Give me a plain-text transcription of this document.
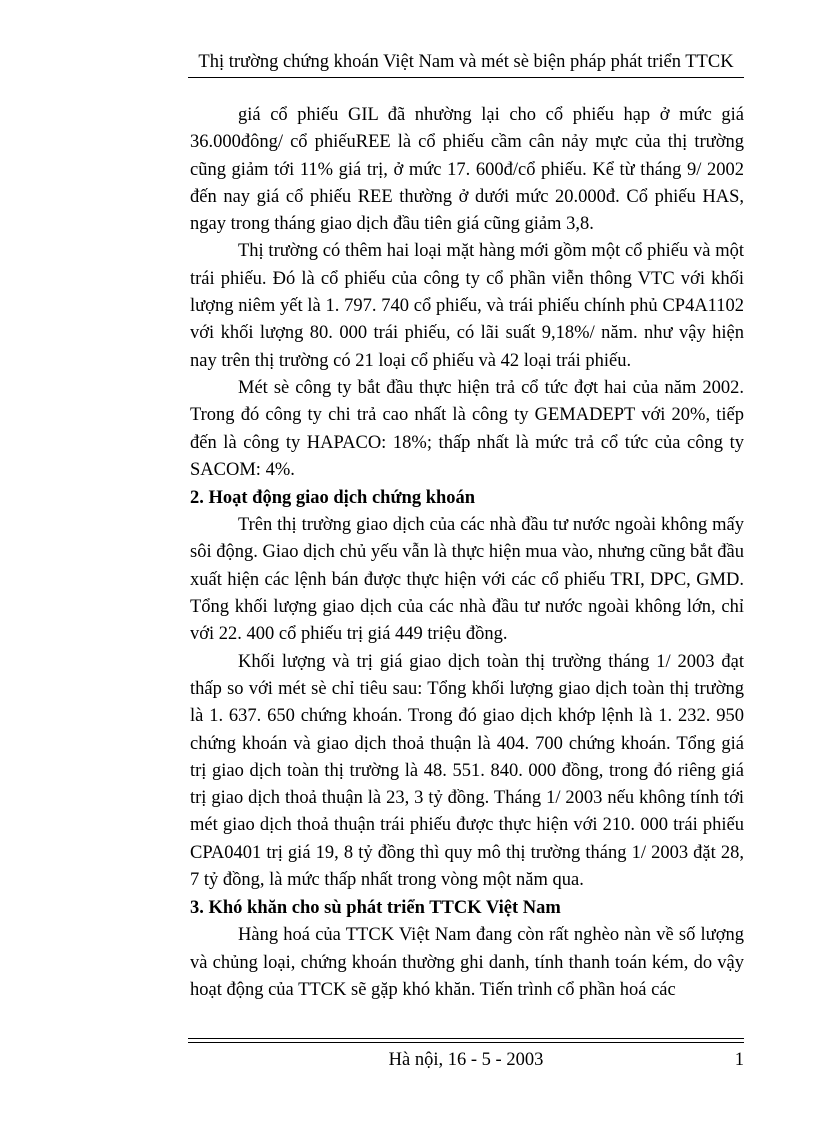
Thị trường chứng khoán Việt Nam và mét sè biện pháp phát triển TTCK

giá cổ phiếu GIL đã nhường lại cho cổ phiếu hạp ở mức giá 36.000đông/ cổ phiếuREE là cổ phiếu cầm cân nảy mực của thị trường cũng giảm tới 11% giá trị, ở mức 17. 600đ/cổ phiếu. Kể từ tháng 9/ 2002 đến nay giá cổ phiếu REE thường ở dưới mức 20.000đ. Cổ phiếu HAS, ngay trong tháng giao dịch đầu tiên giá cũng giảm 3,8.

Thị trường có thêm hai loại mặt hàng mới gồm một cổ phiếu và một trái phiếu. Đó là cổ phiếu của công ty cổ phần viễn thông VTC với khối lượng niêm yết là 1. 797. 740 cổ phiếu, và trái phiếu chính phủ CP4A1102 với khối lượng 80. 000 trái phiếu, có lãi suất 9,18%/ năm. như vậy hiện nay trên thị trường có 21 loại cổ phiếu và 42 loại trái phiếu.

Mét sè công ty bắt đầu thực hiện trả cổ tức đợt hai của năm 2002. Trong đó công ty chi trả cao nhất là công ty GEMADEPT với 20%, tiếp đến là công ty HAPACO: 18%; thấp nhất là mức trả cổ tức của công ty SACOM: 4%.

2. Hoạt động giao dịch chứng khoán

Trên thị trường giao dịch của các nhà đầu tư nước ngoài không mấy sôi động. Giao dịch chủ yếu vẫn là thực hiện mua vào, nhưng cũng bắt đầu xuất hiện các lệnh bán được thực hiện với các cổ phiếu TRI, DPC, GMD. Tổng khối lượng giao dịch của các nhà đầu tư nước ngoài không lớn, chỉ với 22. 400 cổ phiếu trị giá 449 triệu đồng.

Khối lượng và trị giá giao dịch toàn thị trường tháng 1/ 2003 đạt thấp so với mét sè chỉ tiêu sau: Tổng khối lượng giao dịch toàn thị trường là 1. 637. 650 chứng khoán. Trong đó giao dịch khớp lệnh là 1. 232. 950 chứng khoán và giao dịch thoả thuận là 404. 700 chứng khoán. Tổng giá trị giao dịch toàn thị trường là 48. 551. 840. 000 đồng, trong đó riêng giá trị giao dịch thoả thuận là 23, 3 tỷ đồng. Tháng 1/ 2003 nếu không tính tới mét giao dịch thoả thuận trái phiếu được thực hiện với 210. 000 trái phiếu CPA0401 trị giá 19, 8 tỷ đồng thì quy mô thị trường tháng 1/ 2003 đặt 28, 7 tỷ đồng, là mức thấp nhất trong vòng một năm qua.

3. Khó khăn cho sù phát triển TTCK Việt Nam

Hàng hoá của TTCK Việt Nam đang còn rất nghèo nàn về số lượng và chủng loại, chứng khoán thường ghi danh, tính thanh toán kém, do vậy hoạt động của TTCK sẽ gặp khó khăn. Tiến trình cổ phần hoá các

Hà nội, 16 - 5 - 2003	1
